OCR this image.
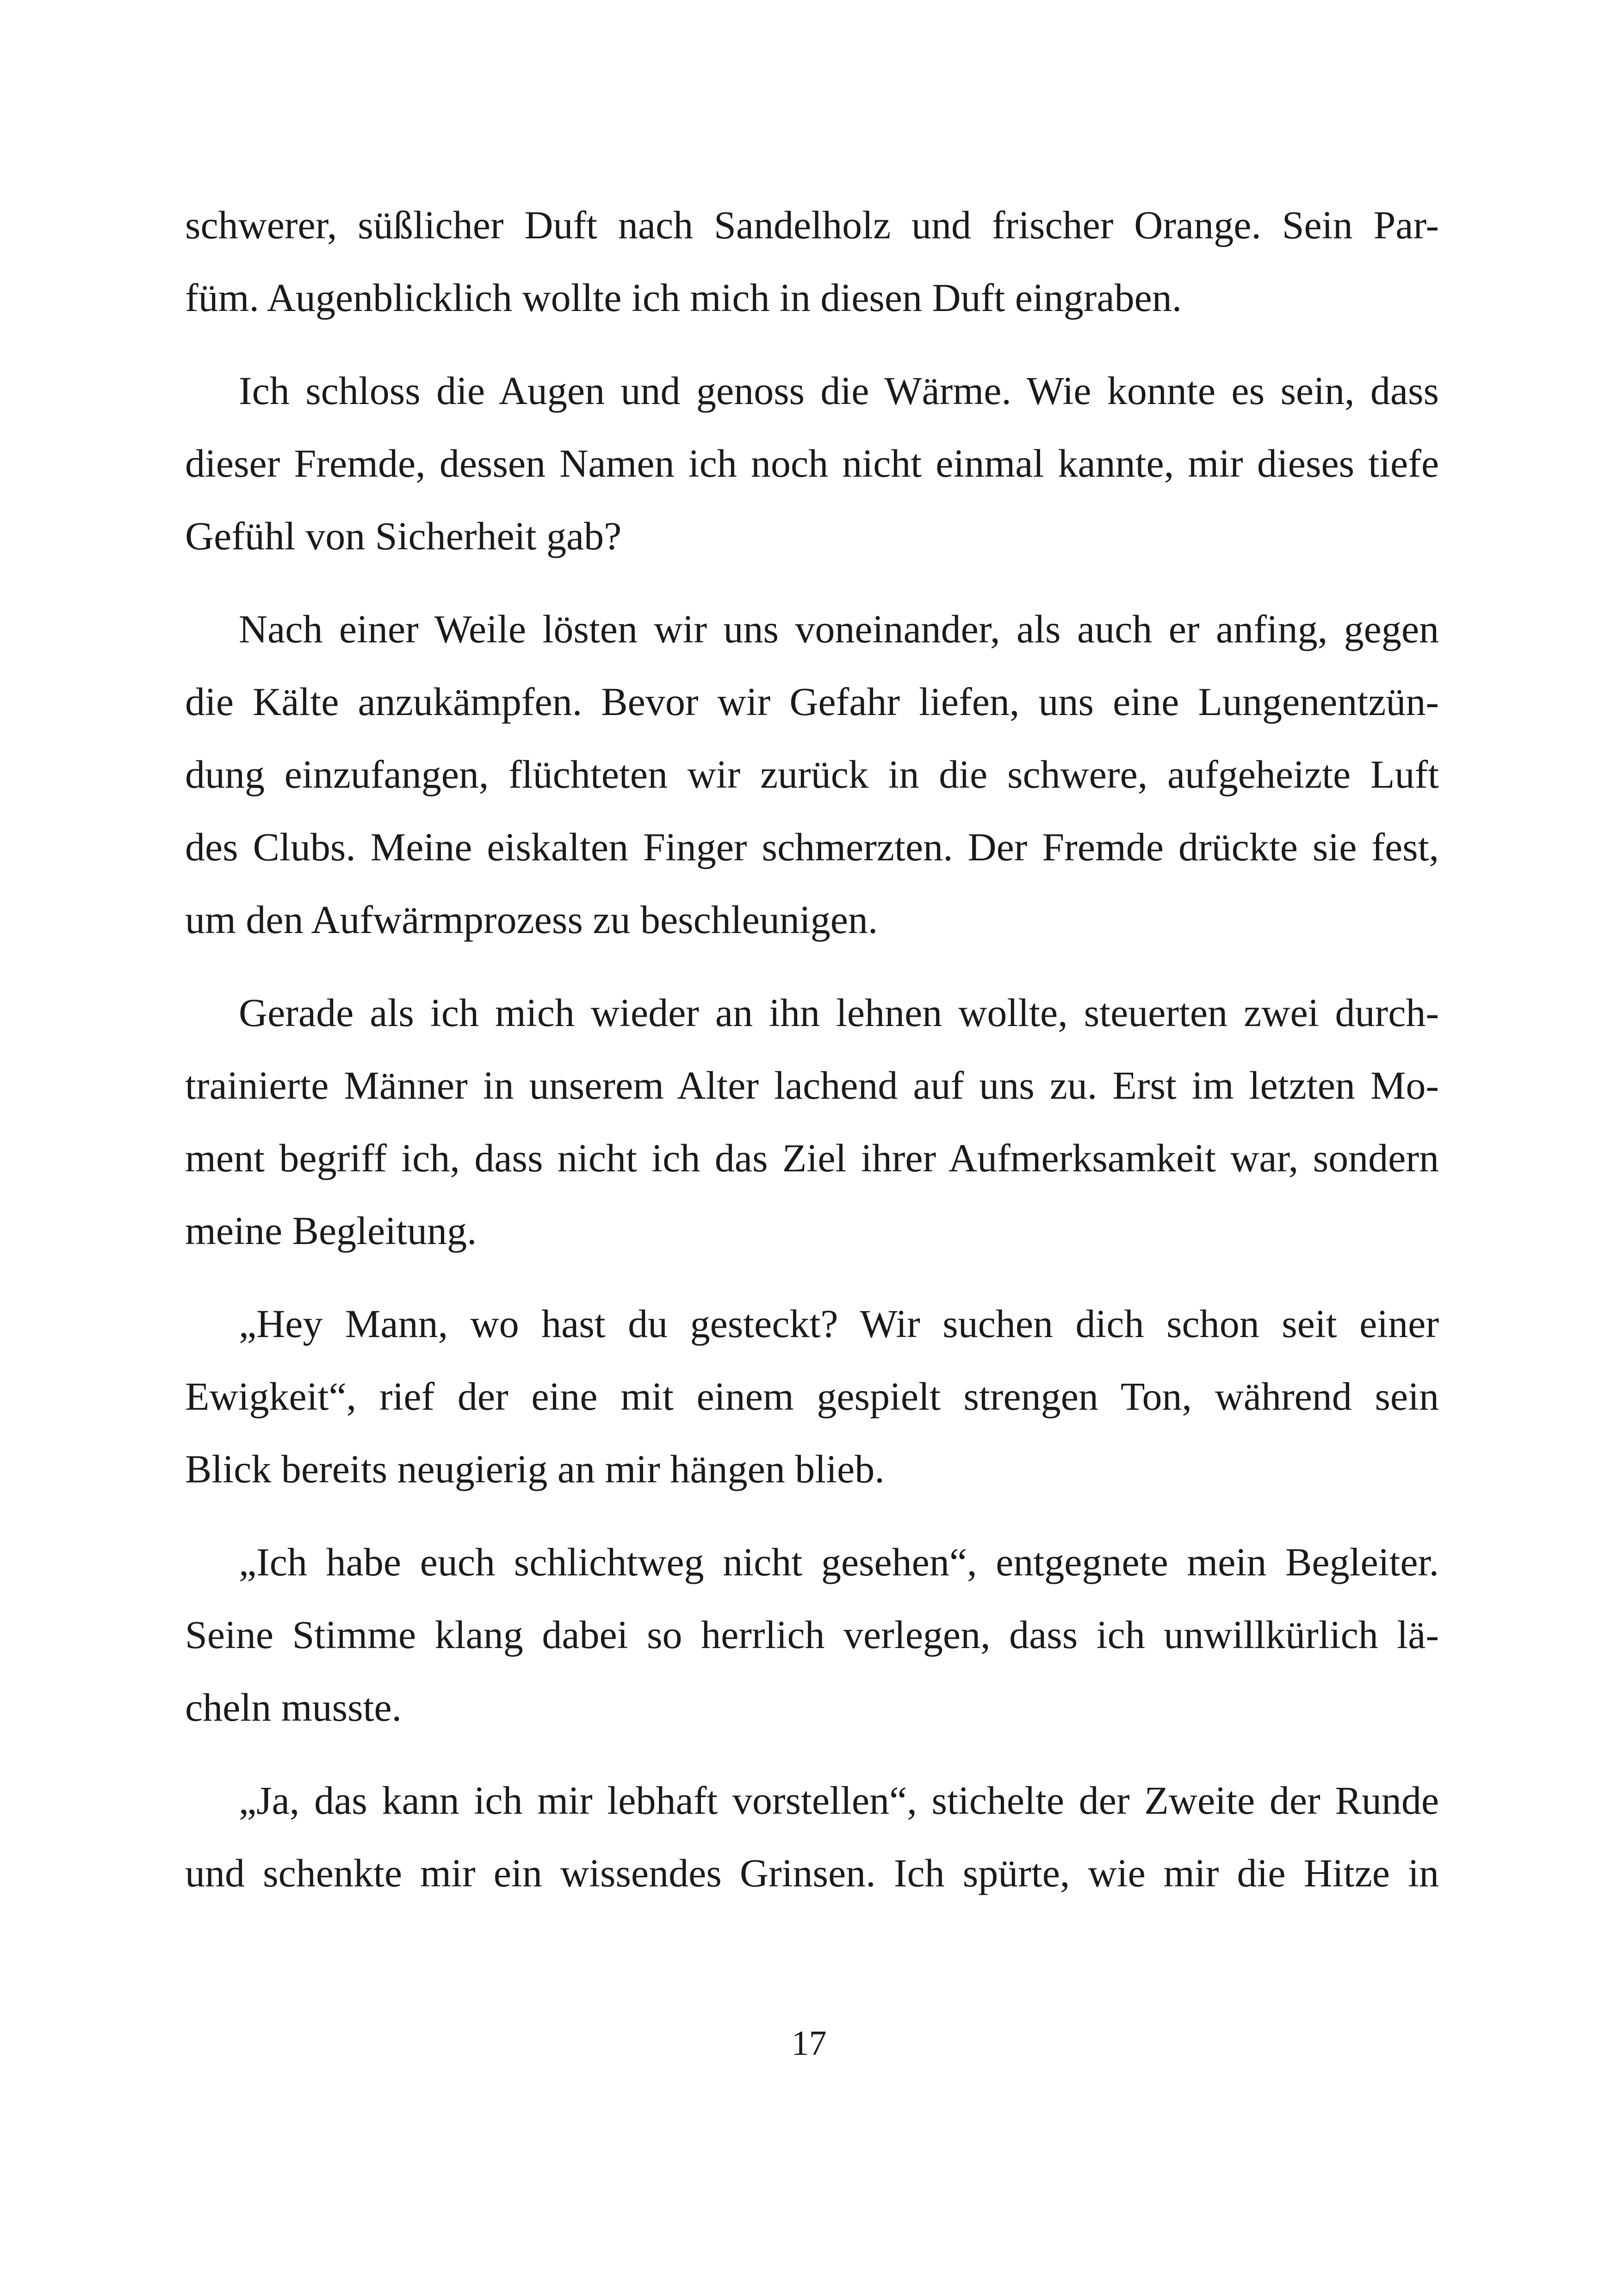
schwerer, süßlicher Duft nach Sandelholz und frischer Orange. Sein Par-
füm. Augenblicklich wollte ich mich in diesen Duft eingraben.

Ich schloss die Augen und genoss die Wärme. Wie konnte es sein, dass
dieser Fremde, dessen Namen ich noch nicht einmal kannte, mir dieses tiefe
Gefühl von Sicherheit gab?

Nach einer Weile lösten wir uns voneinander, als auch er anfing, gegen
die Kälte anzukämpfen. Bevor wir Gefahr liefen, uns eine Lungenentzün-
dung einzufangen, flüchteten wir zurück in die schwere, aufgeheizte Luft
des Clubs. Meine eiskalten Finger schmerzten. Der Fremde drückte sie fest,
um den Aufwärmprozess zu beschleunigen.

Gerade als ich mich wieder an ihn lehnen wollte, steuerten zwei durch-
trainierte Männer in unserem Alter lachend auf uns zu. Erst im letzten Mo-
ment begriff ich, dass nicht ich das Ziel ihrer Aufmerksamkeit war, sondern
meine Begleitung.

„Hey Mann, wo hast du gesteckt? Wir suchen dich schon seit einer
Ewigkeit“, rief der eine mit einem gespielt strengen Ton, während sein
Blick bereits neugierig an mir hängen blieb.

„Ich habe euch schlichtweg nicht gesehen“, entgegnete mein Begleiter.
Seine Stimme klang dabei so herrlich verlegen, dass ich unwillkürlich lä-
cheln musste.

„Ja, das kann ich mir lebhaft vorstellen“, stichelte der Zweite der Runde
und schenkte mir ein wissendes Grinsen. Ich spürte, wie mir die Hitze in

17
